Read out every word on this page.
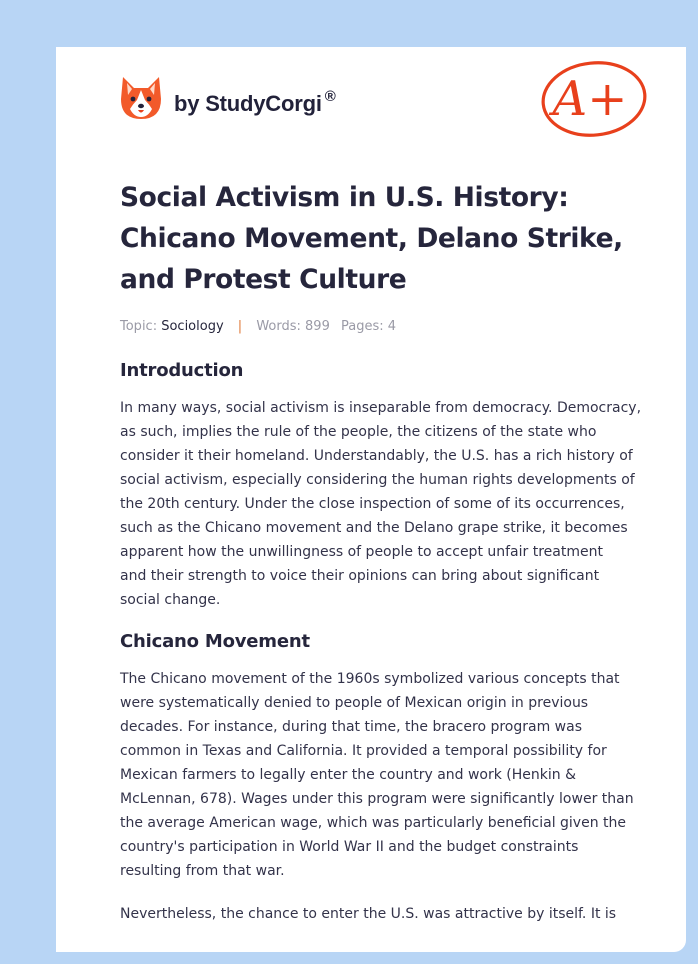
by StudyCorgi ®	A+
Social Activism in U.S. History:
Chicano Movement, Delano Strike,
and Protest Culture
Topic: Sociology | Words: 899 Pages: 4
Introduction

In many ways, social activism is inseparable from democracy. Democracy,
as such, implies the rule of the people, the citizens of the state who
consider it their homeland. Understandably, the U.S. has a rich history of
social activism, especially considering the human rights developments of
the 20th century. Under the close inspection of some of its occurrences,
such as the Chicano movement and the Delano grape strike, it becomes
apparent how the unwillingness of people to accept unfair treatment
and their strength to voice their opinions can bring about significant
social change.

Chicano Movement

The Chicano movement of the 1960s symbolized various concepts that
were systematically denied to people of Mexican origin in previous
decades. For instance, during that time, the bracero program was
common in Texas and California. It provided a temporal possibility for
Mexican farmers to legally enter the country and work (Henkin &
McLennan, 678). Wages under this program were significantly lower than
the average American wage, which was particularly beneficial given the
country's participation in World War II and the budget constraints
resulting from that war.

Nevertheless, the chance to enter the U.S. was attractive by itself. It is
